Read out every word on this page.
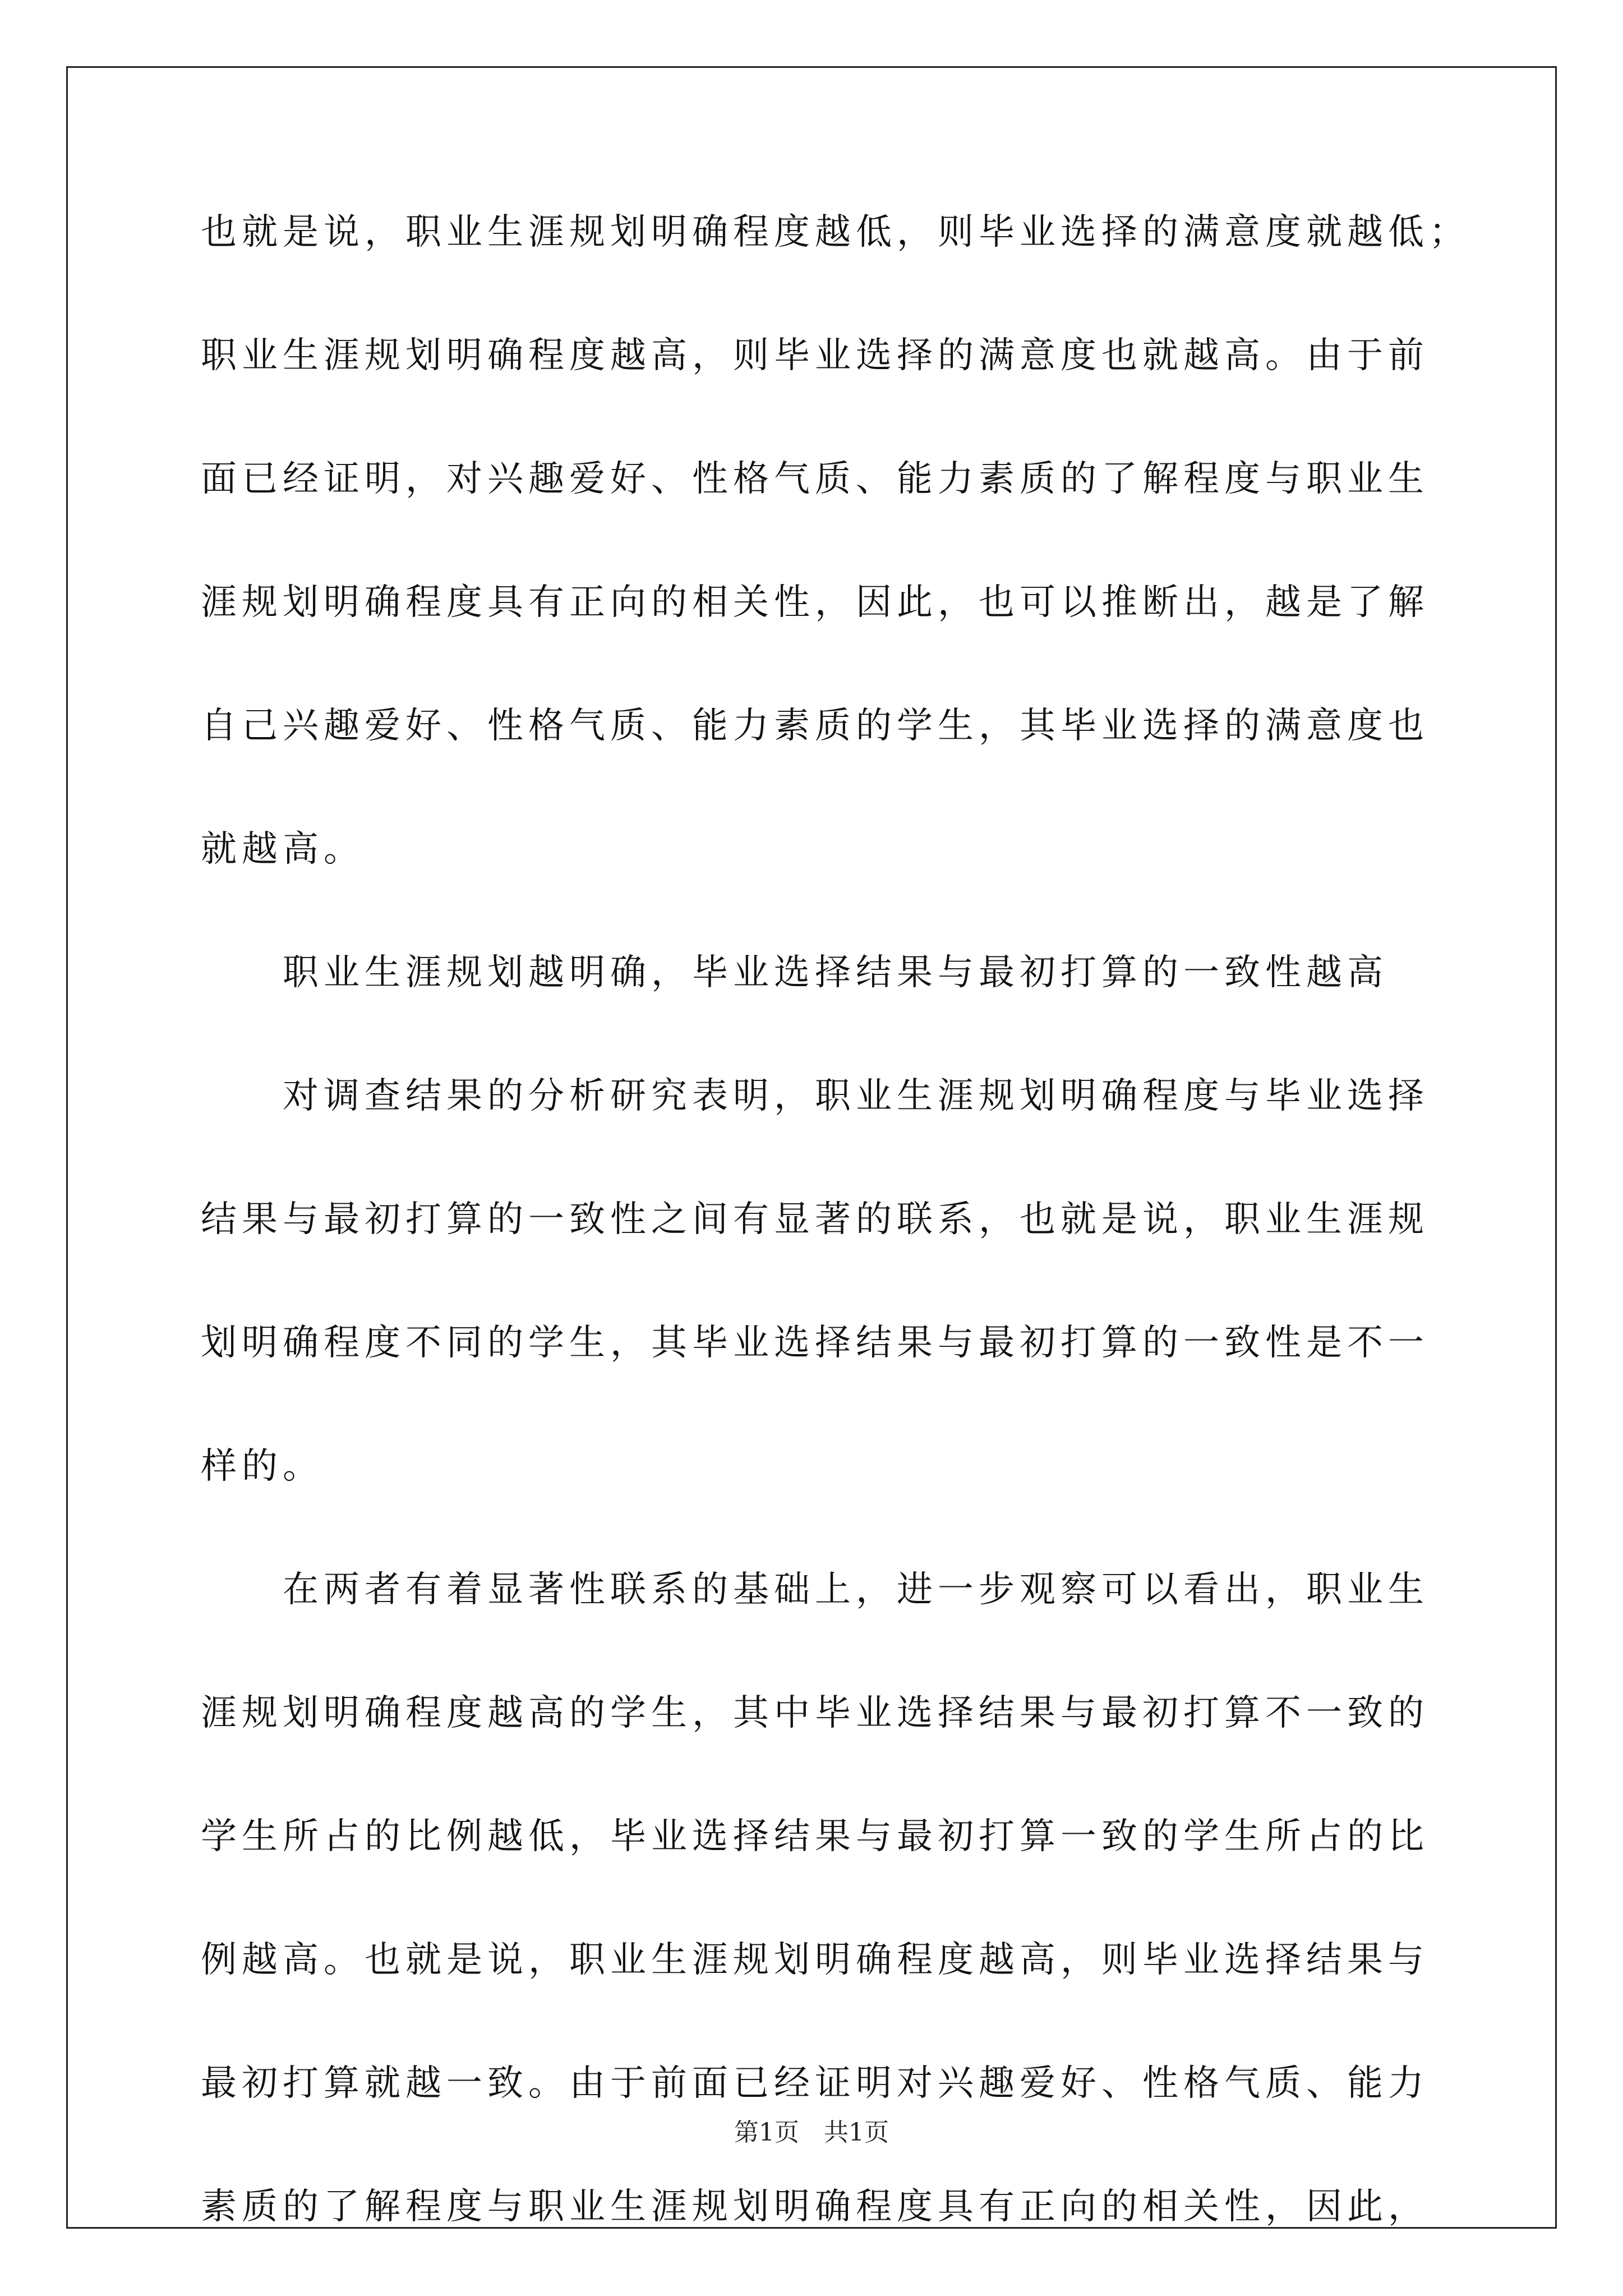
也就是说，职业生涯规划明确程度越低，则毕业选择的满意度就越低；
职业生涯规划明确程度越高，则毕业选择的满意度也就越高。由于前
面已经证明，对兴趣爱好、性格气质、能力素质的了解程度与职业生
涯规划明确程度具有正向的相关性，因此，也可以推断出，越是了解
自己兴趣爱好、性格气质、能力素质的学生，其毕业选择的满意度也
就越高。
职业生涯规划越明确，毕业选择结果与最初打算的一致性越高
对调查结果的分析研究表明，职业生涯规划明确程度与毕业选择
结果与最初打算的一致性之间有显著的联系，也就是说，职业生涯规
划明确程度不同的学生，其毕业选择结果与最初打算的一致性是不一
样的。
在两者有着显著性联系的基础上，进一步观察可以看出，职业生
涯规划明确程度越高的学生，其中毕业选择结果与最初打算不一致的
学生所占的比例越低，毕业选择结果与最初打算一致的学生所占的比
例越高。也就是说，职业生涯规划明确程度越高，则毕业选择结果与
最初打算就越一致。由于前面已经证明对兴趣爱好、性格气质、能力
素质的了解程度与职业生涯规划明确程度具有正向的相关性，因此，
第1页　共1页
